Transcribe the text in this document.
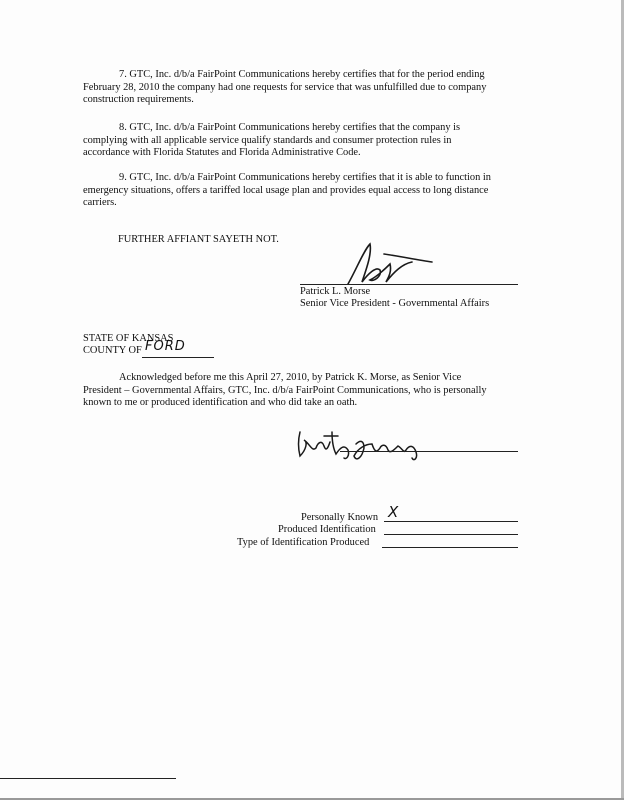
7. GTC, Inc. d/b/a FairPoint Communications hereby certifies that for the period ending
February 28, 2010 the company had one requests for service that was unfulfilled due to company
construction requirements.
8. GTC, Inc. d/b/a FairPoint Communications hereby certifies that the company is
complying with all applicable service qualify standards and consumer protection rules in
accordance with Florida Statutes and Florida Administrative Code.
9. GTC, Inc. d/b/a FairPoint Communications hereby certifies that it is able to function in
emergency situations, offers a tariffed local usage plan and provides equal access to long distance
carriers.
FURTHER AFFIANT SAYETH NOT.
Patrick L. Morse
Senior Vice President - Governmental Affairs
STATE OF KANSAS
COUNTY OF FORD
Acknowledged before me this April 27, 2010, by Patrick K. Morse, as Senior Vice
President – Governmental Affairs, GTC, Inc. d/b/a FairPoint Communications, who is personally
known to me or produced identification and who did take an oath.
Personally Known X
Produced Identification
Type of Identification Produced
